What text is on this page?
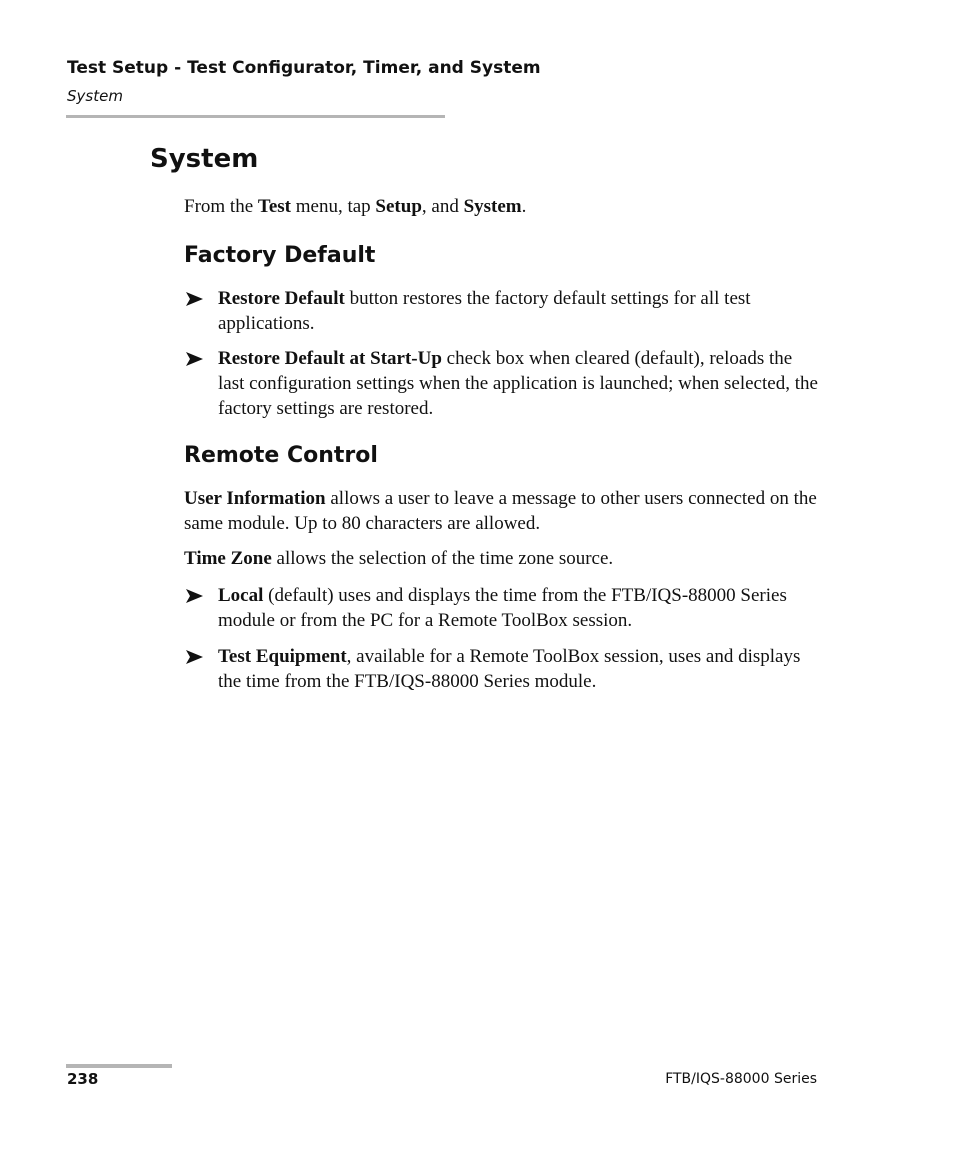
Test Setup - Test Configurator, Timer, and System
System
System
From the Test menu, tap Setup, and System.
Factory Default
Restore Default button restores the factory default settings for all test applications.
Restore Default at Start-Up check box when cleared (default), reloads the last configuration settings when the application is launched; when selected, the factory settings are restored.
Remote Control
User Information allows a user to leave a message to other users connected on the same module. Up to 80 characters are allowed.
Time Zone allows the selection of the time zone source.
Local (default) uses and displays the time from the FTB/IQS-88000 Series module or from the PC for a Remote ToolBox session.
Test Equipment, available for a Remote ToolBox session, uses and displays the time from the FTB/IQS-88000 Series module.
238	FTB/IQS-88000 Series
